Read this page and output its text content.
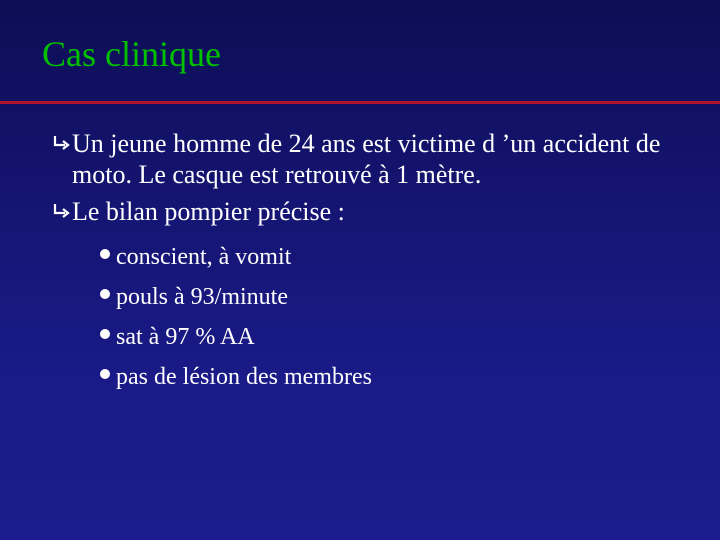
Cas clinique
Un jeune homme de 24 ans est victime d ’un accident de moto. Le casque est retrouvé à 1 mètre.
Le bilan pompier précise :
conscient, à vomit
pouls à 93/minute
sat à 97 % AA
pas de lésion des membres
